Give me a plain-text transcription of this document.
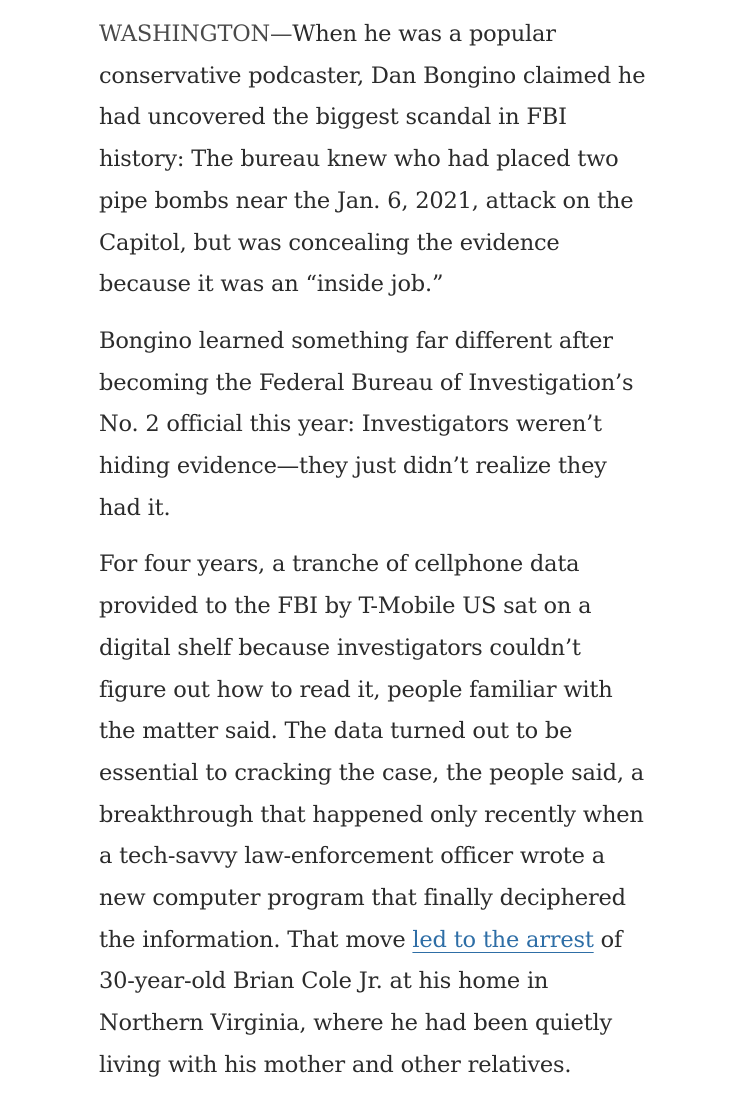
WASHINGTON—When he was a popular
conservative podcaster, Dan Bongino claimed he
had uncovered the biggest scandal in FBI
history: The bureau knew who had placed two
pipe bombs near the Jan. 6, 2021, attack on the
Capitol, but was concealing the evidence
because it was an “inside job.”

Bongino learned something far different after
becoming the Federal Bureau of Investigation’s
No. 2 official this year: Investigators weren’t
hiding evidence—they just didn’t realize they
had it.

For four years, a tranche of cellphone data
provided to the FBI by T-Mobile US sat on a
digital shelf because investigators couldn’t
figure out how to read it, people familiar with
the matter said. The data turned out to be
essential to cracking the case, the people said, a
breakthrough that happened only recently when
a tech-savvy law-enforcement officer wrote a
new computer program that finally deciphered
the information. That move led to the arrest of
30-year-old Brian Cole Jr. at his home in
Northern Virginia, where he had been quietly
living with his mother and other relatives.
